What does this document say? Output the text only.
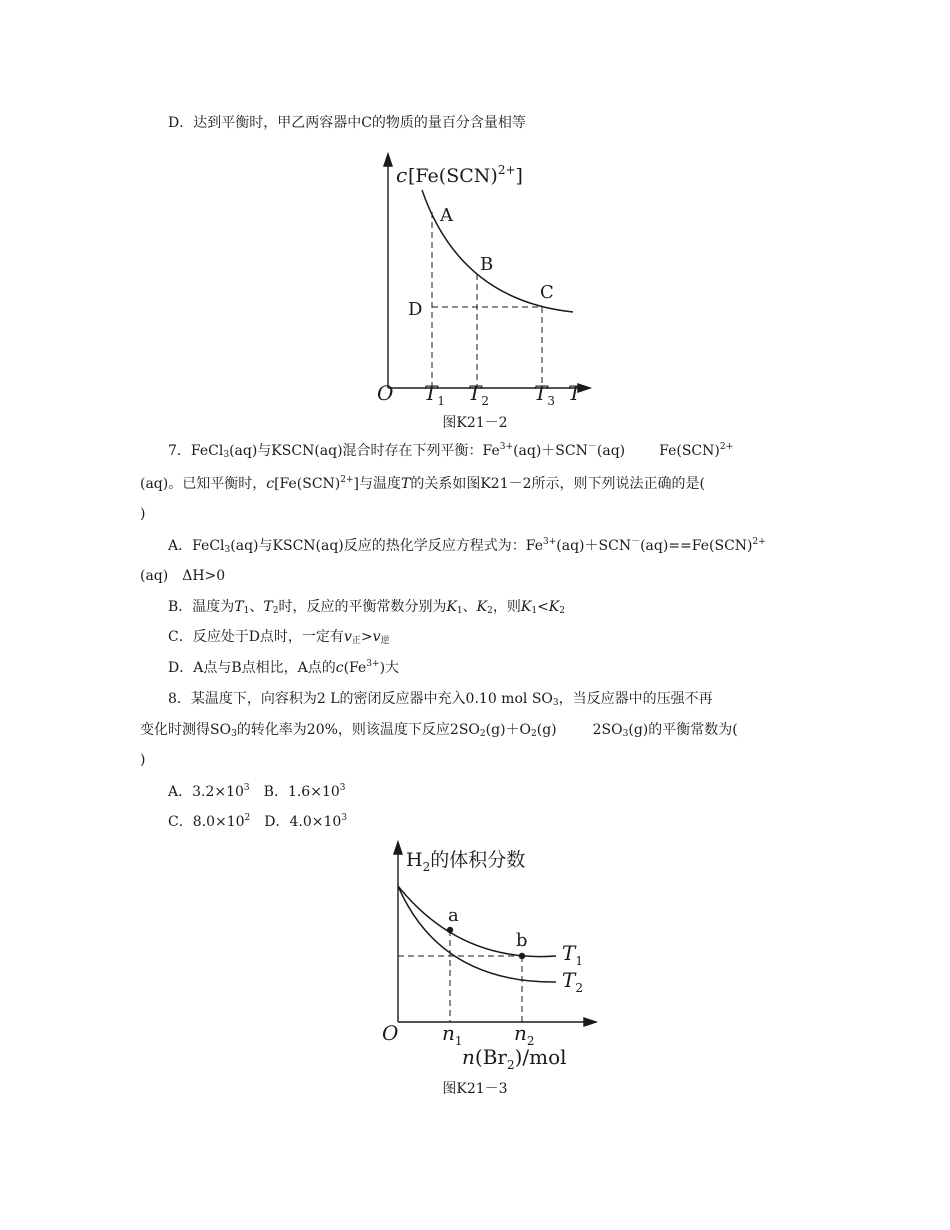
D．达到平衡时，甲乙两容器中C的物质的量百分含量相等
c [Fe(SCN)$^{2+}$]
A
B
C
D
O $T_1$ $T_2$ $T_3$ T
图K21－2
7．FeCl$_3$(aq)与KSCN(aq)混合时存在下列平衡：$Fe^{3+}(aq)+SCN^-(aq)$ Fe(SCN)$^{2+}$
(aq)。已知平衡时，c[Fe(SCN)$^{2+}$]与温度T的关系如图K21－2所示，则下列说法正确的是(
)
A．FeCl$_3$(aq)与KSCN(aq)反应的热化学反应方程式为：$Fe^{3+}(aq)+SCN^-(aq)==Fe(SCN)^{2+}$
(aq)　ΔH>0
B．温度为$T_1$、$T_2$时，反应的平衡常数分别为$K_1$、$K_2$，则$K_1<K_2$
C．反应处于D点时，一定有$v_正>v_逆$
D．A点与B点相比，A点的$c(Fe^{3+})$大
8．某温度下，向容积为2 L的密闭反应器中充入0.10 mol $SO_3$，当反应器中的压强不再
变化时测得$SO_3$的转化率为20%，则该温度下反应$2SO_2(g)+O_2(g)$	$2SO_3(g)$的平衡常数为(
)
A．$3.2\times 10^3$ B．$1.6\times 10^3$
C．$8.0\times 10^2$ D．$4.0\times 10^3$
$H_2$的体积分数
a
b
$T_1$
$T_2$
O $n_1$	$n_2$
$n(Br_2)$/mol
图K21－3
